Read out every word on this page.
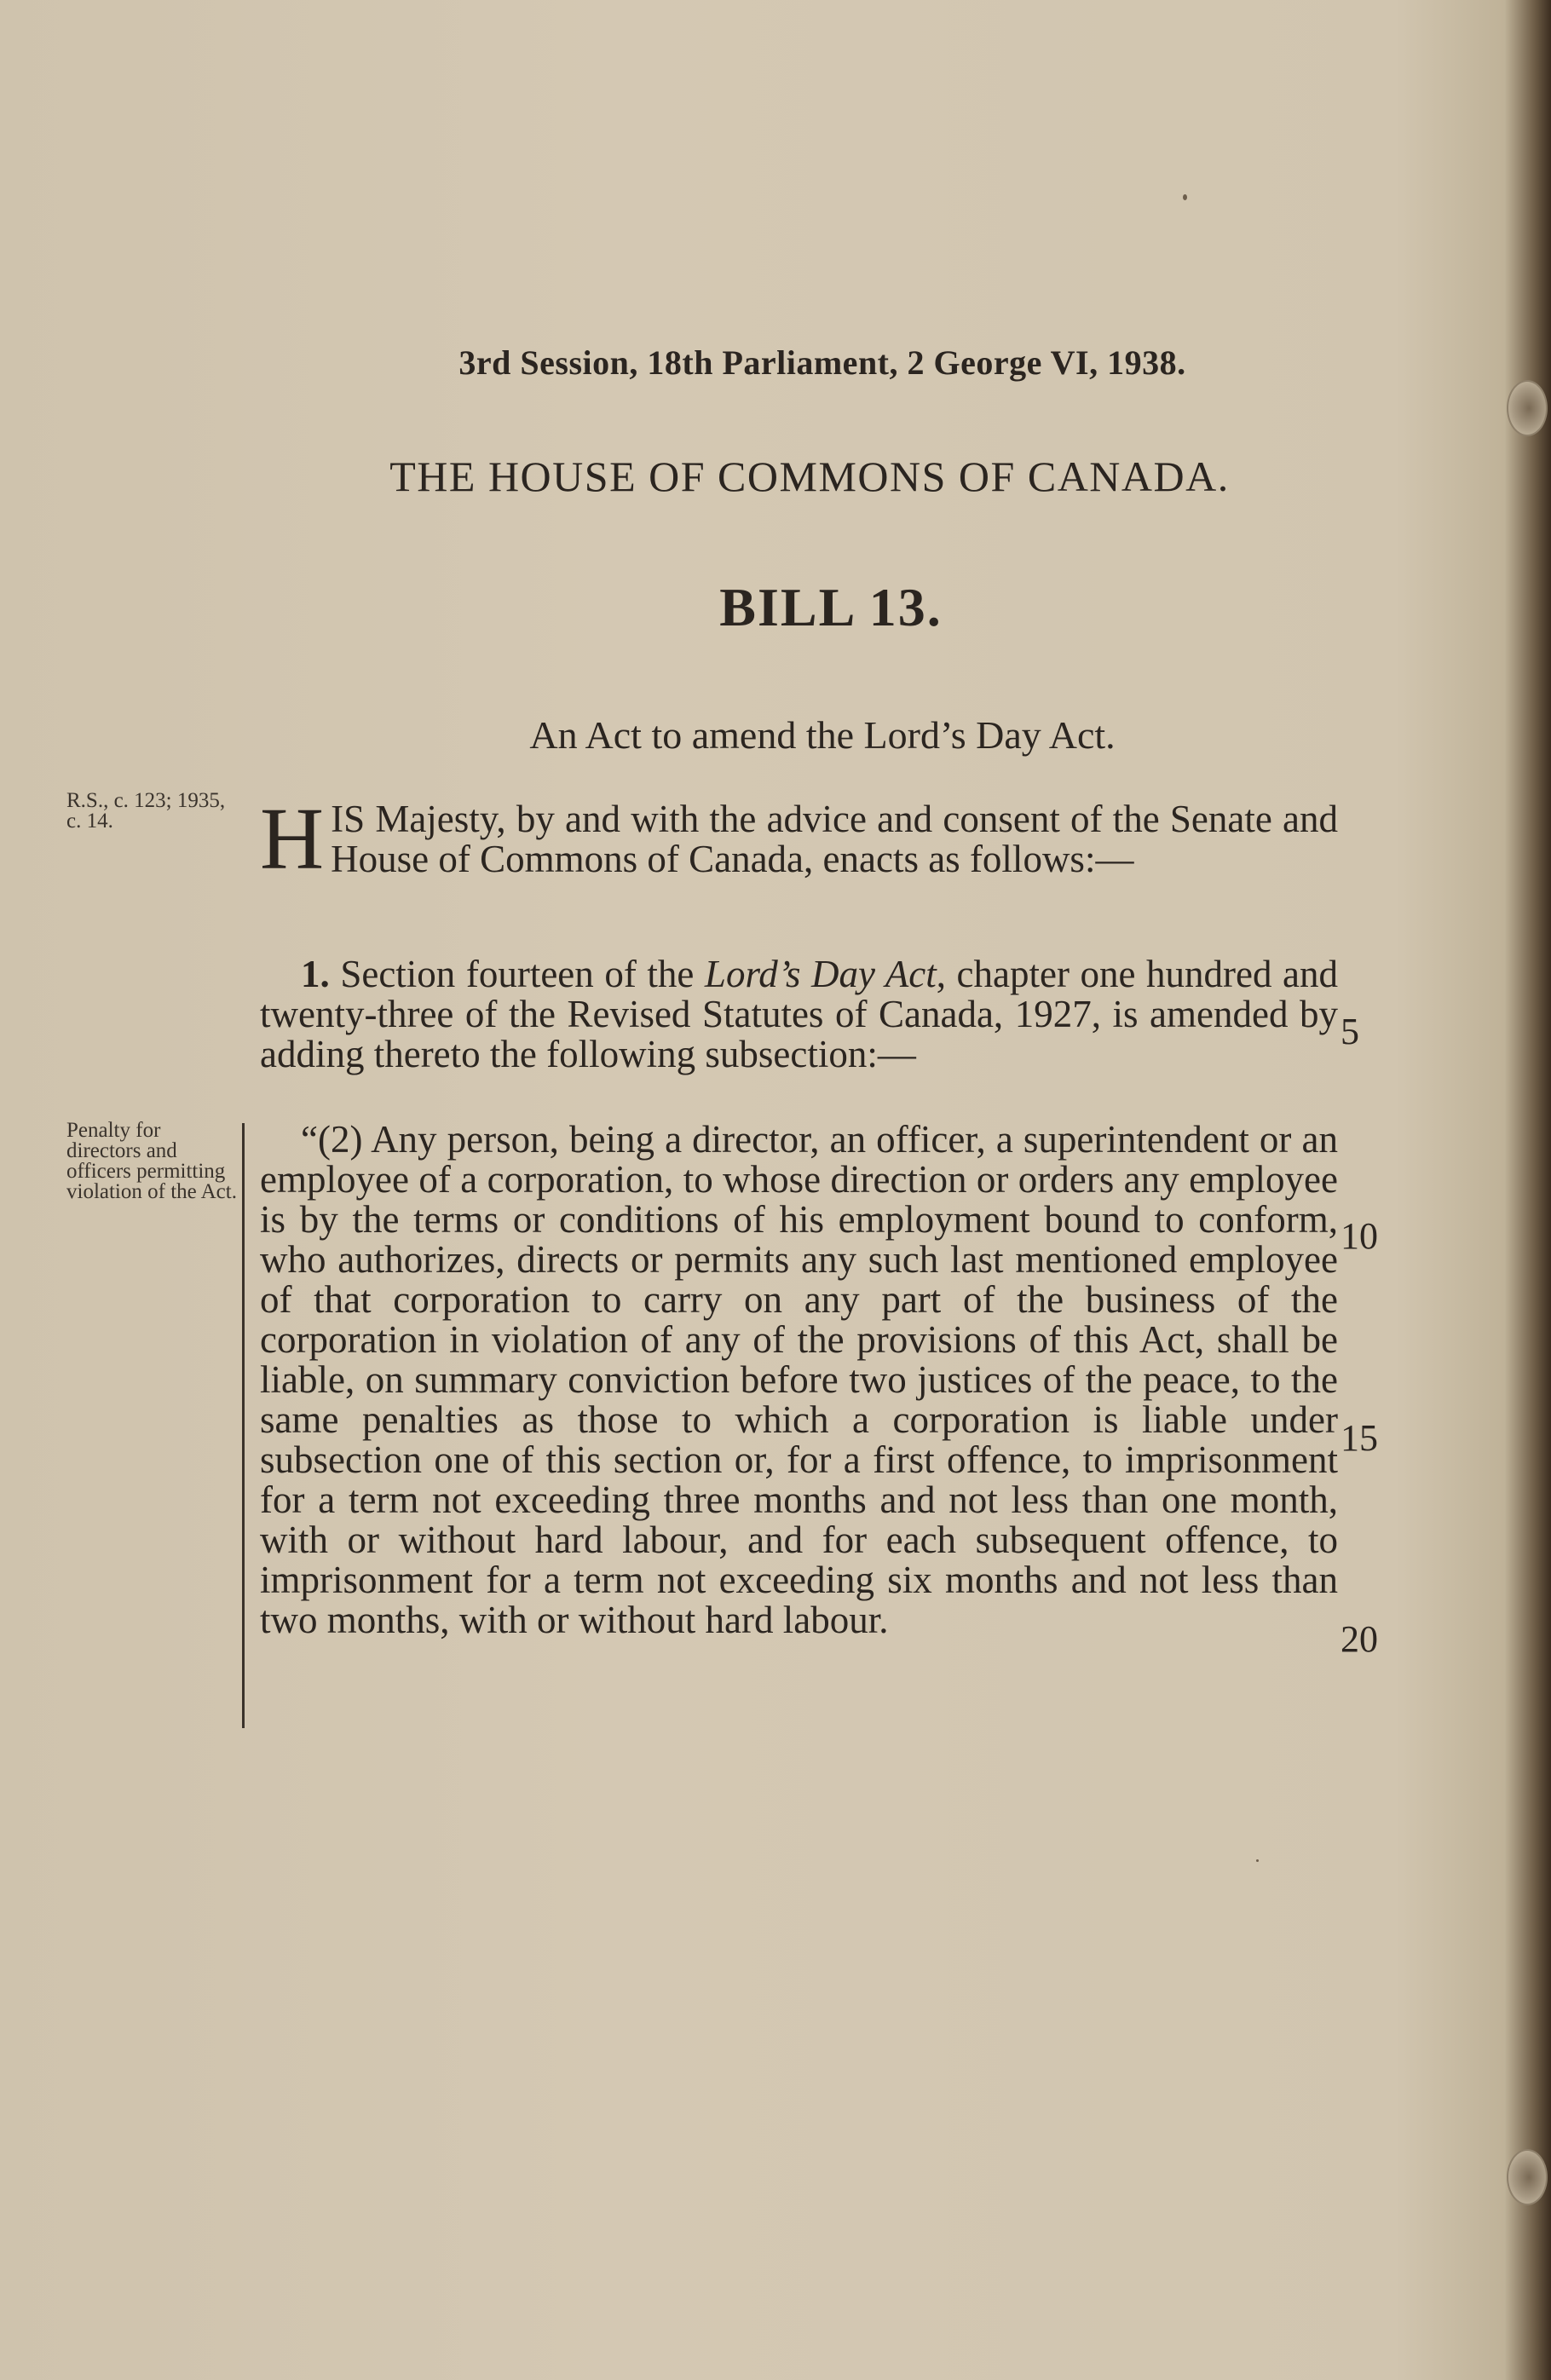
3rd Session, 18th Parliament, 2 George VI, 1938.
THE HOUSE OF COMMONS OF CANADA.
BILL 13.
An Act to amend the Lord’s Day Act.
R.S., c. 123; 1935, c. 14.
Penalty for directors and officers permitting violation of the Act.
HIS Majesty, by and with the advice and consent of the Senate and House of Commons of Canada, enacts as follows:—
1. Section fourteen of the Lord’s Day Act, chapter one hundred and twenty-three of the Revised Statutes of Canada, 1927, is amended by adding thereto the following subsection:—
“(2) Any person, being a director, an officer, a superintendent or an employee of a corporation, to whose direction or orders any employee is by the terms or conditions of his employment bound to conform, who authorizes, directs or permits any such last mentioned employee of that corporation to carry on any part of the business of the corporation in violation of any of the provisions of this Act, shall be liable, on summary conviction before two justices of the peace, to the same penalties as those to which a corporation is liable under subsection one of this section or, for a first offence, to imprisonment for a term not exceeding three months and not less than one month, with or without hard labour, and for each subsequent offence, to imprisonment for a term not exceeding six months and not less than two months, with or without hard labour.
5
10
15
20
